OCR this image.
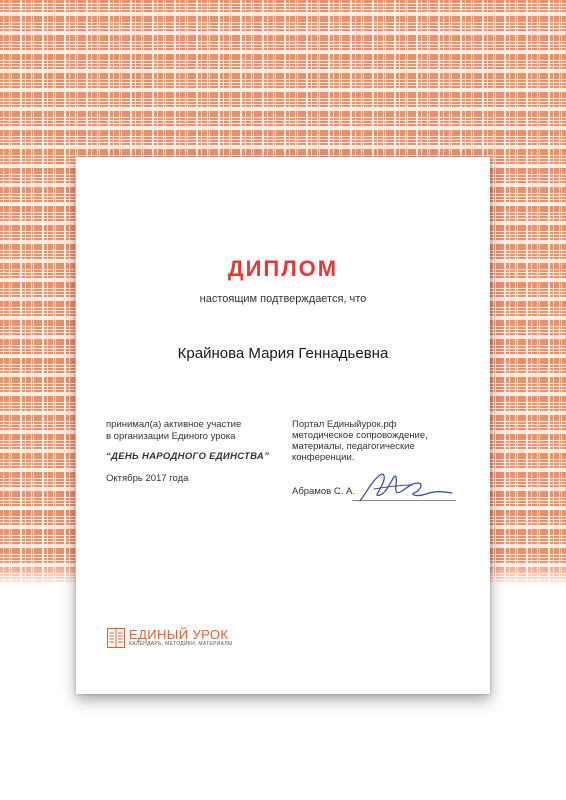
ДИПЛОМ
настоящим подтверждается, что
Крайнова Мария Геннадьевна
принимал(а) активное участие
в организации Единого урока
“ДЕНЬ НАРОДНОГО ЕДИНСТВА”
Октябрь 2017 года
Портал Единыйурок.рф
методическое сопровождение,
материалы, педагогические
конференции.
Абрамов С. А.
ЕДИНЫЙ УРОК
КАЛЕНДАРЬ, МЕТОДИКИ, МАТЕРИАЛЫ
